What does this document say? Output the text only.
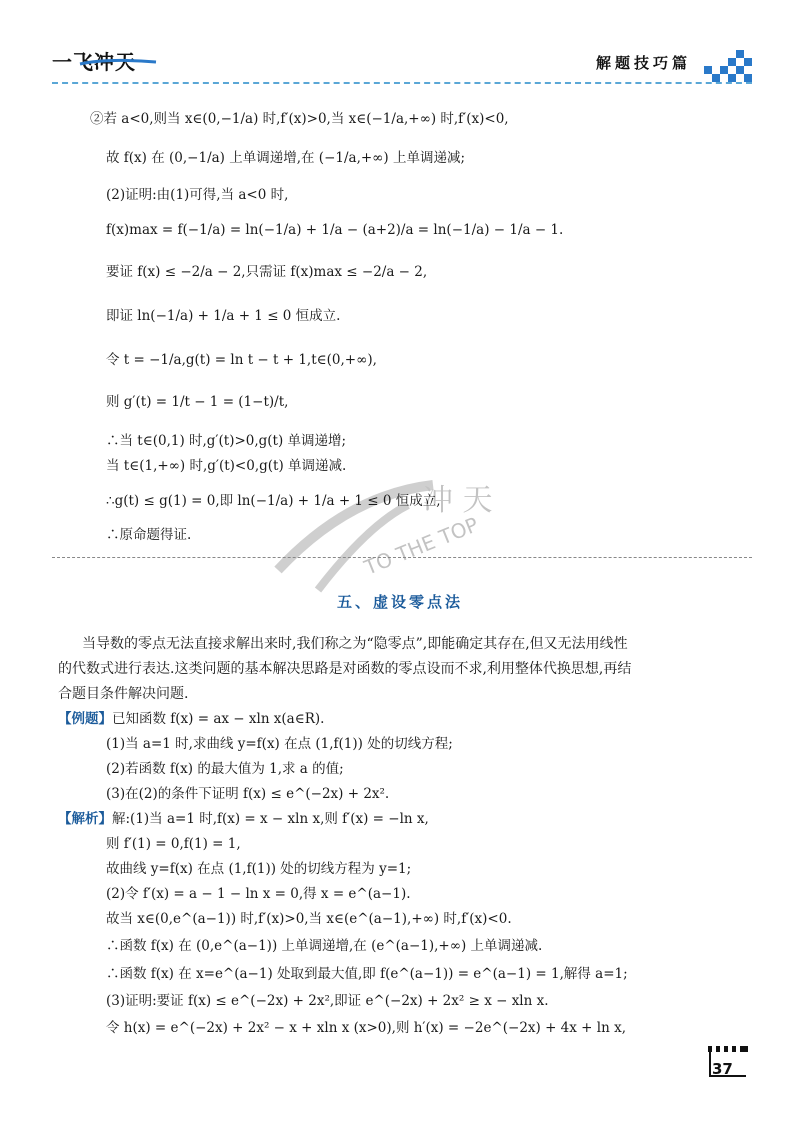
一飞冲天	解题技巧篇
冲 天
TO THE TOP
②若 a<0,则当 x∈(0,−1/a) 时,f′(x)>0,当 x∈(−1/a,+∞) 时,f′(x)<0,
故 f(x) 在 (0,−1/a) 上单调递增,在 (−1/a,+∞) 上单调递减;
(2)证明:由(1)可得,当 a<0 时,
f(x)max = f(−1/a) = ln(−1/a) + 1/a − (a+2)/a = ln(−1/a) − 1/a − 1.
要证 f(x) ≤ −2/a − 2,只需证 f(x)max ≤ −2/a − 2,
即证 ln(−1/a) + 1/a + 1 ≤ 0 恒成立.
令 t = −1/a,g(t) = ln t − t + 1,t∈(0,+∞),
则 g′(t) = 1/t − 1 = (1−t)/t,
∴当 t∈(0,1) 时,g′(t)>0,g(t) 单调递增;
当 t∈(1,+∞) 时,g′(t)<0,g(t) 单调递减.
∴g(t) ≤ g(1) = 0,即 ln(−1/a) + 1/a + 1 ≤ 0 恒成立,
∴原命题得证.
五、虚设零点法
当导数的零点无法直接求解出来时,我们称之为“隐零点”,即能确定其存在,但又无法用线性
的代数式进行表达.这类问题的基本解决思路是对函数的零点设而不求,利用整体代换思想,再结
合题目条件解决问题.
【例题】已知函数 f(x) = ax − xln x(a∈R).
(1)当 a=1 时,求曲线 y=f(x) 在点 (1,f(1)) 处的切线方程;
(2)若函数 f(x) 的最大值为 1,求 a 的值;
(3)在(2)的条件下证明 f(x) ≤ e^(−2x) + 2x².
【解析】解:(1)当 a=1 时,f(x) = x − xln x,则 f′(x) = −ln x,
则 f′(1) = 0,f(1) = 1,
故曲线 y=f(x) 在点 (1,f(1)) 处的切线方程为 y=1;
(2)令 f′(x) = a − 1 − ln x = 0,得 x = e^(a−1).
故当 x∈(0,e^(a−1)) 时,f′(x)>0,当 x∈(e^(a−1),+∞) 时,f′(x)<0.
∴函数 f(x) 在 (0,e^(a−1)) 上单调递增,在 (e^(a−1),+∞) 上单调递减.
∴函数 f(x) 在 x=e^(a−1) 处取到最大值,即 f(e^(a−1)) = e^(a−1) = 1,解得 a=1;
(3)证明:要证 f(x) ≤ e^(−2x) + 2x²,即证 e^(−2x) + 2x² ≥ x − xln x.
令 h(x) = e^(−2x) + 2x² − x + xln x (x>0),则 h′(x) = −2e^(−2x) + 4x + ln x,
37
